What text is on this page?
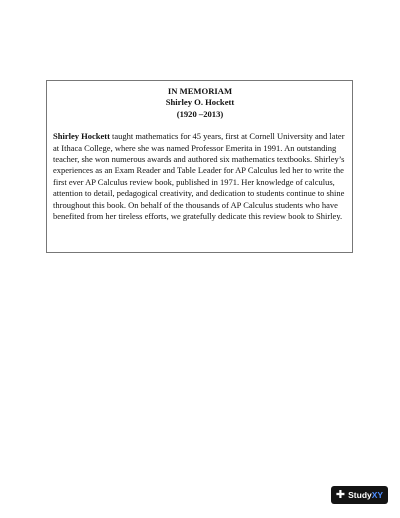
IN MEMORIAM
Shirley O. Hockett
(1920 –2013)
Shirley Hockett taught mathematics for 45 years, first at Cornell University and later at Ithaca College, where she was named Professor Emerita in 1991. An outstanding teacher, she won numerous awards and authored six mathematics textbooks. Shirley’s experiences as an Exam Reader and Table Leader for AP Calculus led her to write the first ever AP Calculus review book, published in 1971. Her knowledge of calculus, attention to detail, pedagogical creativity, and dedication to students continue to shine throughout this book. On behalf of the thousands of AP Calculus students who have benefited from her tireless efforts, we gratefully dedicate this review book to Shirley.
✚ Study XY
